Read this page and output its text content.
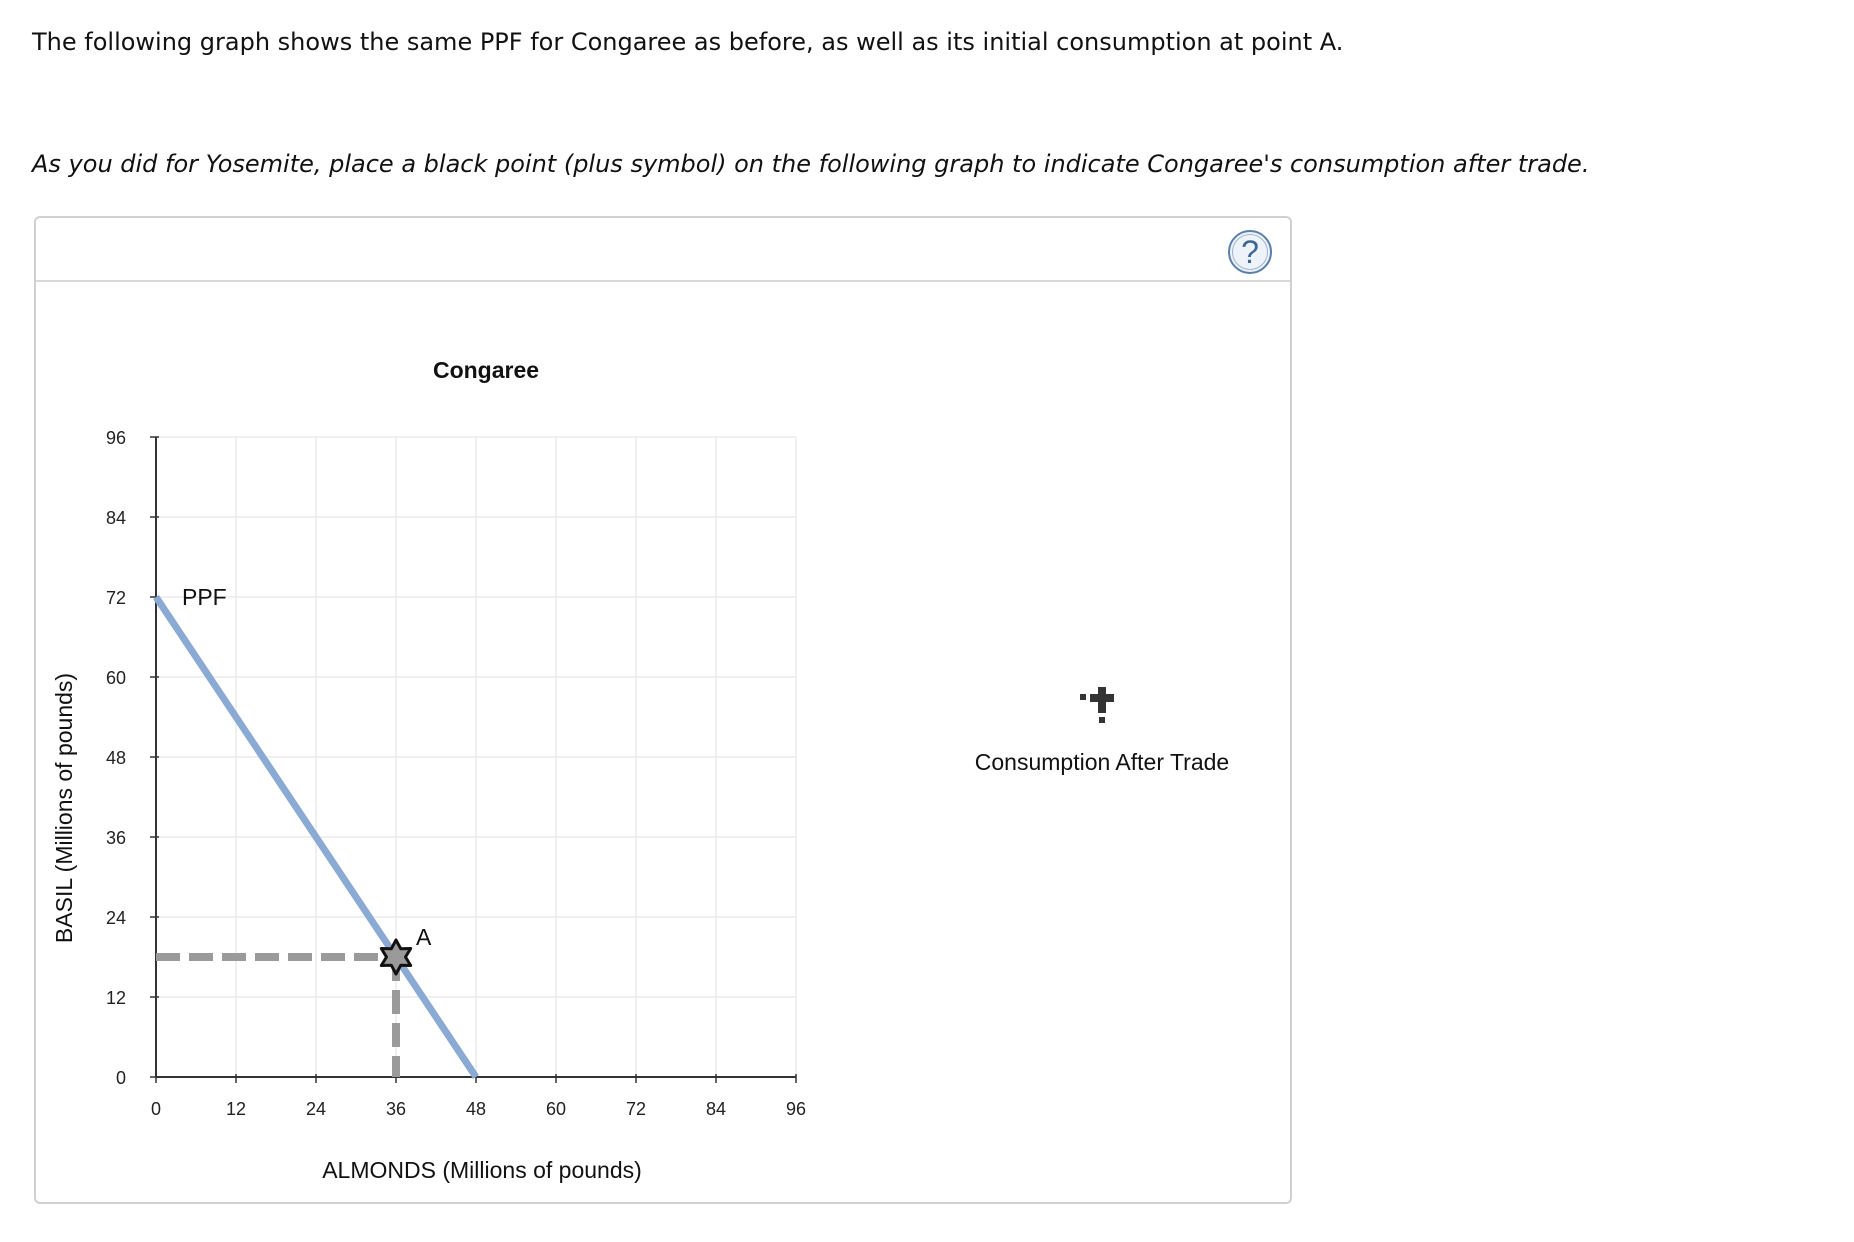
The following graph shows the same PPF for Congaree as before, as well as its initial consumption at point A.

As you did for Yosemite, place a black point (plus symbol) on the following graph to indicate Congaree's consumption after trade.

?
Congaree
0
12
24
36
48
60
72
84
96
0	12	24	36	48	60	72	84	96
PPF
A
ALMONDS (Millions of pounds)
BASIL (Millions of pounds)	Consumption After Trade
